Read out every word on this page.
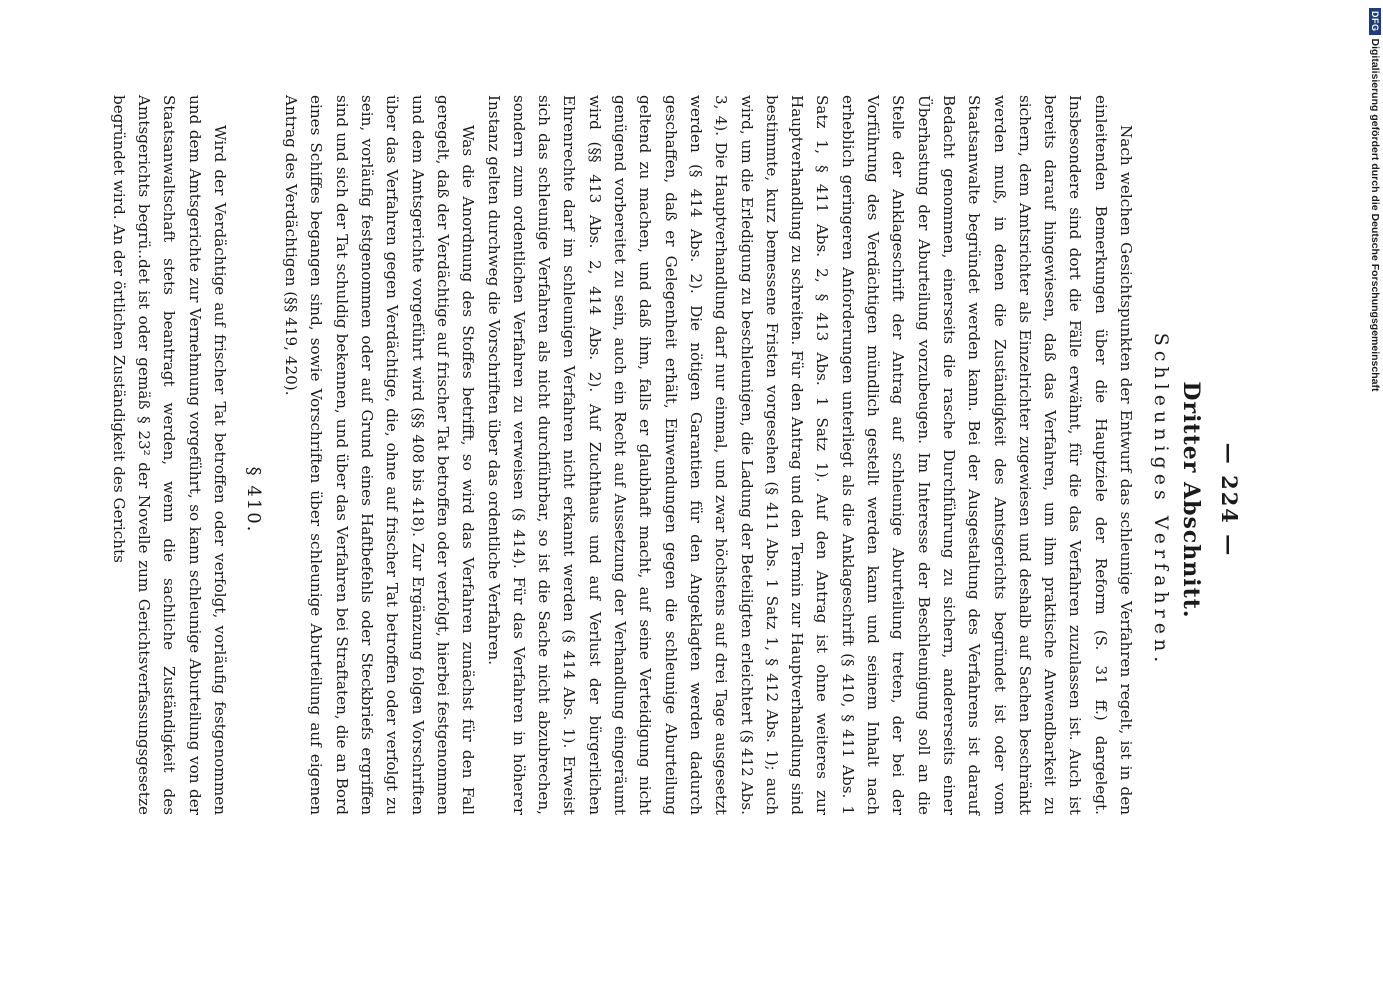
— 224 —
Dritter Abschnitt.
Schleuniges Verfahren.

Nach welchen Gesichtspunkten der Entwurf das schleunige Verfahren regelt, ist in den einleitenden Bemerkungen über die Hauptziele der Reform (S. 31 ff.) dargelegt. Insbesondere sind dort die Fälle erwähnt, für die das Verfahren zuzulassen ist. Auch ist bereits darauf hingewiesen, daß das Verfahren, um ihm praktische Anwendbarkeit zu sichern, dem Amtsrichter als Einzelrichter zugewiesen und deshalb auf Sachen beschränkt werden muß, in denen die Zuständigkeit des Amtsgerichts begründet ist oder vom Staatsanwalte begründet werden kann. Bei der Ausgestaltung des Verfahrens ist darauf Bedacht genommen, einerseits die rasche Durchführung zu sichern, andererseits einer Überhastung der Aburteilung vorzubeugen. Im Interesse der Beschleunigung soll an die Stelle der Anklageschrift der Antrag auf schleunige Aburteilung treten, der bei der Vorführung des Verdächtigen mündlich gestellt werden kann und seinem Inhalt nach erheblich geringeren Anforderungen unterliegt als die Anklageschrift (§ 410, § 411 Abs. 1 Satz 1, § 411 Abs. 2, § 413 Abs. 1 Satz 1). Auf den Antrag ist ohne weiteres zur Hauptverhandlung zu schreiten. Für den Antrag und den Termin zur Hauptverhandlung sind bestimmte, kurz bemessene Fristen vorgesehen (§ 411 Abs. 1 Satz 1, § 412 Abs. 1); auch wird, um die Erledigung zu beschleunigen, die Ladung der Beteiligten erleichtert (§ 412 Abs. 3, 4). Die Hauptverhandlung darf nur einmal, und zwar höchstens auf drei Tage ausgesetzt werden (§ 414 Abs. 2). Die nötigen Garantien für den Angeklagten werden dadurch geschaffen, daß er Gelegenheit erhält, Einwendungen gegen die schleunige Aburteilung geltend zu machen, und daß ihm, falls er glaubhaft macht, auf seine Verteidigung nicht genügend vorbereitet zu sein, auch ein Recht auf Aussetzung der Verhandlung eingeräumt wird (§§ 413 Abs. 2, 414 Abs. 2). Auf Zuchthaus und auf Verlust der bürgerlichen Ehrenrechte darf im schleunigen Verfahren nicht erkannt werden (§ 414 Abs. 1). Erweist sich das schleunige Verfahren als nicht durchführbar, so ist die Sache nicht abzubrechen, sondern zum ordentlichen Verfahren zu verweisen (§ 414). Für das Verfahren in höherer Instanz gelten durchweg die Vorschriften über das ordentliche Verfahren.

Was die Anordnung des Stoffes betrifft, so wird das Verfahren zunächst für den Fall geregelt, daß der Verdächtige auf frischer Tat betroffen oder verfolgt, hierbei festgenommen und dem Amtsgerichte vorgeführt wird (§§ 408 bis 418). Zur Ergänzung folgen Vorschriften über das Verfahren gegen Verdächtige, die, ohne auf frischer Tat betroffen oder verfolgt zu sein, vorläufig festgenommen oder auf Grund eines Haftbefehls oder Steckbriefs ergriffen sind und sich der Tat schuldig bekennen, und über das Verfahren bei Straftaten, die an Bord eines Schiffes begangen sind, sowie Vorschriften über schleunige Aburteilung auf eigenen Antrag des Verdächtigen (§§ 419, 420).

§ 410.

Wird der Verdächtige auf frischer Tat betroffen oder verfolgt, vorläufig festgenommen und dem Amtsgerichte zur Vernehmung vorgeführt, so kann schleunige Aburteilung von der Staatsanwaltschaft stets beantragt werden, wenn die sachliche Zuständigkeit des Amtsgerichts begrü..det ist oder gemäß § 23² der Novelle zum Gerichtsverfassungsgesetze begründet wird. An der örtlichen Zuständigkeit des Gerichts

DFG
Digitalisierung gefördert durch die Deutsche Forschungsgemeinschaft
